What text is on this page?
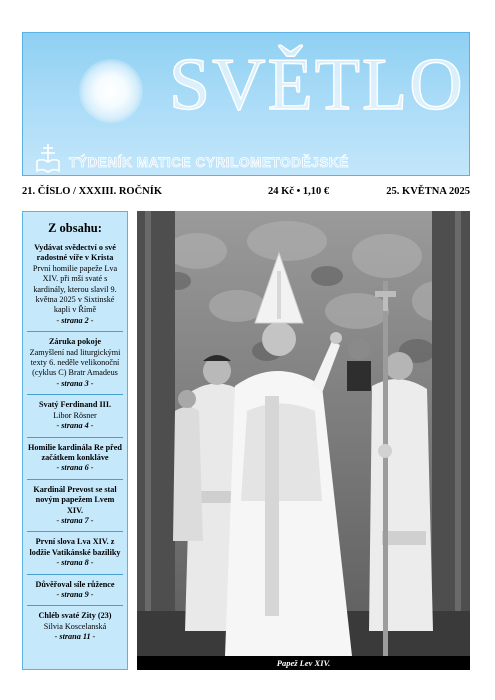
SVĚTLO
TÝDENÍK MATICE CYRILOMETODĚJSKÉ
21. ČÍSLO / XXXIII. ROČNÍK	24 Kč • 1,10 €	25. KVĚTNA 2025
Z obsahu:
Vydávat svědectví o své radostné víře v Krista
První homilie papeže Lva XIV. při mši svaté s kardinály, kterou slavil 9. května 2025 v Sixtinské kapli v Římě
- strana 2 -
Záruka pokoje
Zamyšlení nad liturgickými texty 6. neděle velikonoční (cyklus C) Bratr Amadeus
- strana 3 -
Svatý Ferdinand III.
Libor Rösner
- strana 4 -
Homilie kardinála Re před začátkem konkláve
- strana 6 -
Kardinál Prevost se stal novým papežem Lvem XIV.
- strana 7 -
První slova Lva XIV. z lodžie Vatikánské baziliky
- strana 8 -
Důvěřoval síle růžence
- strana 9 -
Chléb svaté Zity (23)
Silvia Koscelanská
- strana 11 -
Papež Lev XIV.
